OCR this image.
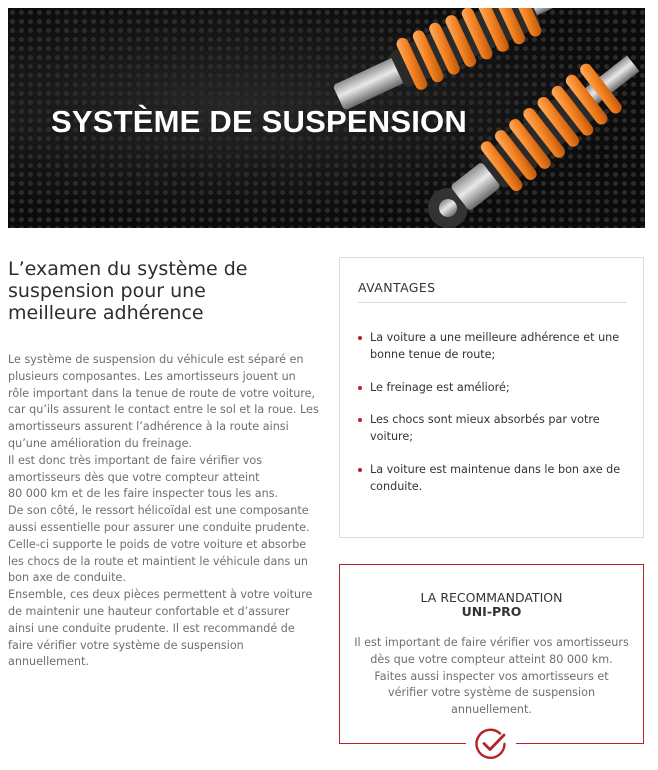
SYSTÈME DE SUSPENSION
L’examen du système de
suspension pour une
meilleure adhérence
Le système de suspension du véhicule est séparé en
plusieurs composantes. Les amortisseurs jouent un
rôle important dans la tenue de route de votre voiture,
car qu’ils assurent le contact entre le sol et la roue. Les
amortisseurs assurent l’adhérence à la route ainsi
qu’une amélioration du freinage.
Il est donc très important de faire vérifier vos
amortisseurs dès que votre compteur atteint
80 000 km et de les faire inspecter tous les ans.
De son côté, le ressort hélicoïdal est une composante
aussi essentielle pour assurer une conduite prudente.
Celle-ci supporte le poids de votre voiture et absorbe
les chocs de la route et maintient le véhicule dans un
bon axe de conduite.
Ensemble, ces deux pièces permettent à votre voiture
de maintenir une hauteur confortable et d’assurer
ainsi une conduite prudente. Il est recommandé de
faire vérifier votre système de suspension
annuellement.
AVANTAGES
La voiture a une meilleure adhérence et une
bonne tenue de route;
Le freinage est amélioré;
Les chocs sont mieux absorbés par votre
voiture;
La voiture est maintenue dans le bon axe de
conduite.
LA RECOMMANDATION
UNI-PRO
Il est important de faire vérifier vos amortisseurs
dès que votre compteur atteint 80 000 km.
Faites aussi inspecter vos amortisseurs et
vérifier votre système de suspension
annuellement.
